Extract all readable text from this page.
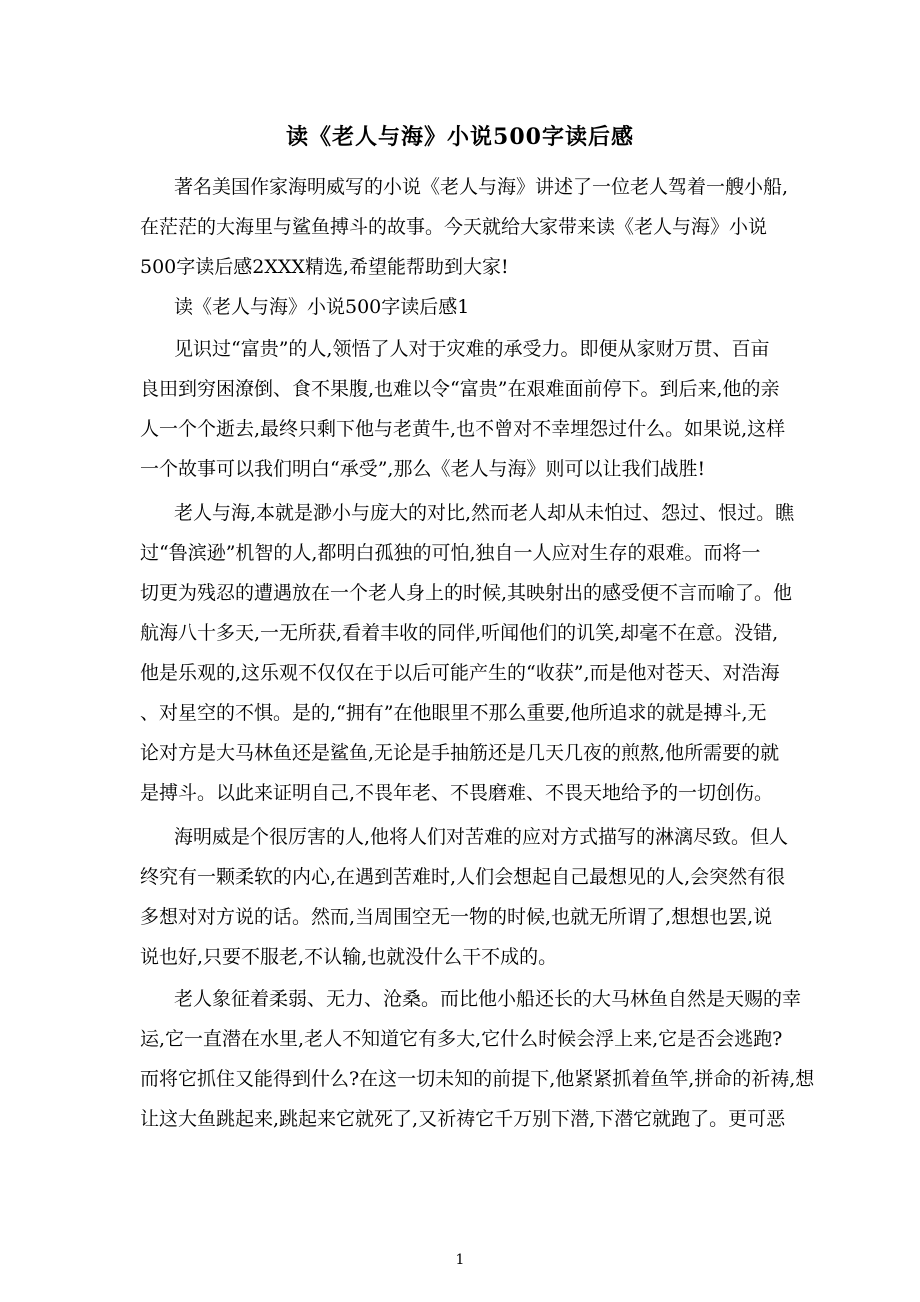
读《老人与海》小说500字读后感
著名美国作家海明威写的小说《老人与海》讲述了一位老人驾着一艘小船,
在茫茫的大海里与鲨鱼搏斗的故事。今天就给大家带来读《老人与海》小说
500字读后感2XXX精选,希望能帮助到大家!
读《老人与海》小说500字读后感1
见识过“富贵”的人,领悟了人对于灾难的承受力。即便从家财万贯、百亩
良田到穷困潦倒、食不果腹,也难以令“富贵”在艰难面前停下。到后来,他的亲
人一个个逝去,最终只剩下他与老黄牛,也不曾对不幸埋怨过什么。如果说,这样
一个故事可以我们明白“承受”,那么《老人与海》则可以让我们战胜!
老人与海,本就是渺小与庞大的对比,然而老人却从未怕过、怨过、恨过。瞧
过“鲁滨逊”机智的人,都明白孤独的可怕,独自一人应对生存的艰难。而将一
切更为残忍的遭遇放在一个老人身上的时候,其映射出的感受便不言而喻了。他
航海八十多天,一无所获,看着丰收的同伴,听闻他们的讥笑,却毫不在意。没错,
他是乐观的,这乐观不仅仅在于以后可能产生的“收获”,而是他对苍天、对浩海
、对星空的不惧。是的,“拥有”在他眼里不那么重要,他所追求的就是搏斗,无
论对方是大马林鱼还是鲨鱼,无论是手抽筋还是几天几夜的煎熬,他所需要的就
是搏斗。以此来证明自己,不畏年老、不畏磨难、不畏天地给予的一切创伤。
海明威是个很厉害的人,他将人们对苦难的应对方式描写的淋漓尽致。但人
终究有一颗柔软的内心,在遇到苦难时,人们会想起自己最想见的人,会突然有很
多想对对方说的话。然而,当周围空无一物的时候,也就无所谓了,想想也罢,说
说也好,只要不服老,不认输,也就没什么干不成的。
老人象征着柔弱、无力、沧桑。而比他小船还长的大马林鱼自然是天赐的幸
运,它一直潜在水里,老人不知道它有多大,它什么时候会浮上来,它是否会逃跑?
而将它抓住又能得到什么?在这一切未知的前提下,他紧紧抓着鱼竿,拼命的祈祷,想
让这大鱼跳起来,跳起来它就死了,又祈祷它千万别下潜,下潜它就跑了。更可恶
1
